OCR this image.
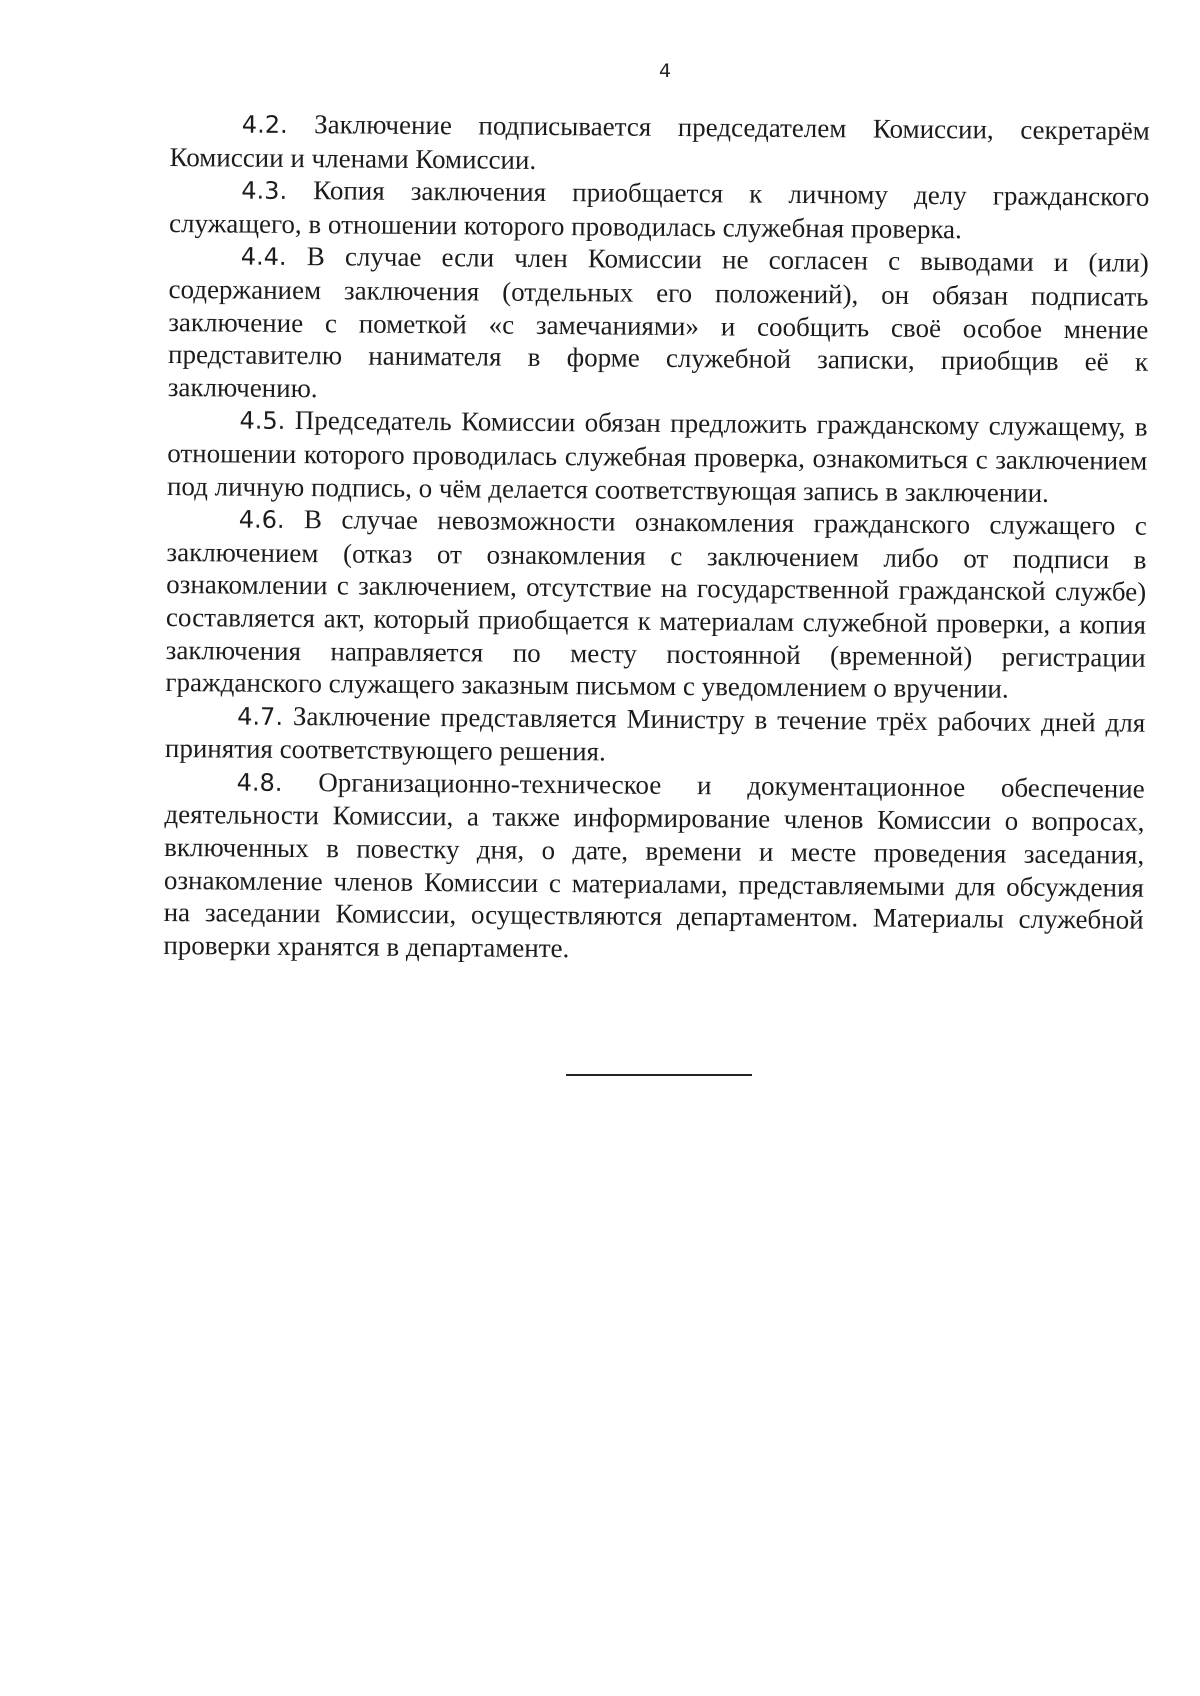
4

4.2. Заключение подписывается председателем Комиссии, секретарём Комиссии и членами Комиссии.

4.3. Копия заключения приобщается к личному делу гражданского служащего, в отношении которого проводилась служебная проверка.

4.4. В случае если член Комиссии не согласен с выводами и (или) содержанием заключения (отдельных его положений), он обязан подписать заключение с пометкой «с замечаниями» и сообщить своё особое мнение представителю нанимателя в форме служебной записки, приобщив её к заключению.

4.5. Председатель Комиссии обязан предложить гражданскому служащему, в отношении которого проводилась служебная проверка, ознакомиться с заключением под личную подпись, о чём делается соответствующая запись в заключении.

4.6. В случае невозможности ознакомления гражданского служащего с заключением (отказ от ознакомления с заключением либо от подписи в ознакомлении с заключением, отсутствие на государственной гражданской службе) составляется акт, который приобщается к материалам служебной проверки, а копия заключения направляется по месту постоянной (временной) регистрации гражданского служащего заказным письмом с уведомлением о вручении.

4.7. Заключение представляется Министру в течение трёх рабочих дней для принятия соответствующего решения.

4.8. Организационно-техническое и документационное обеспечение деятельности Комиссии, а также информирование членов Комиссии о вопросах, включенных в повестку дня, о дате, времени и месте проведения заседания, ознакомление членов Комиссии с материалами, представляемыми для обсуждения на заседании Комиссии, осуществляются департаментом. Материалы служебной проверки хранятся в департаменте.
